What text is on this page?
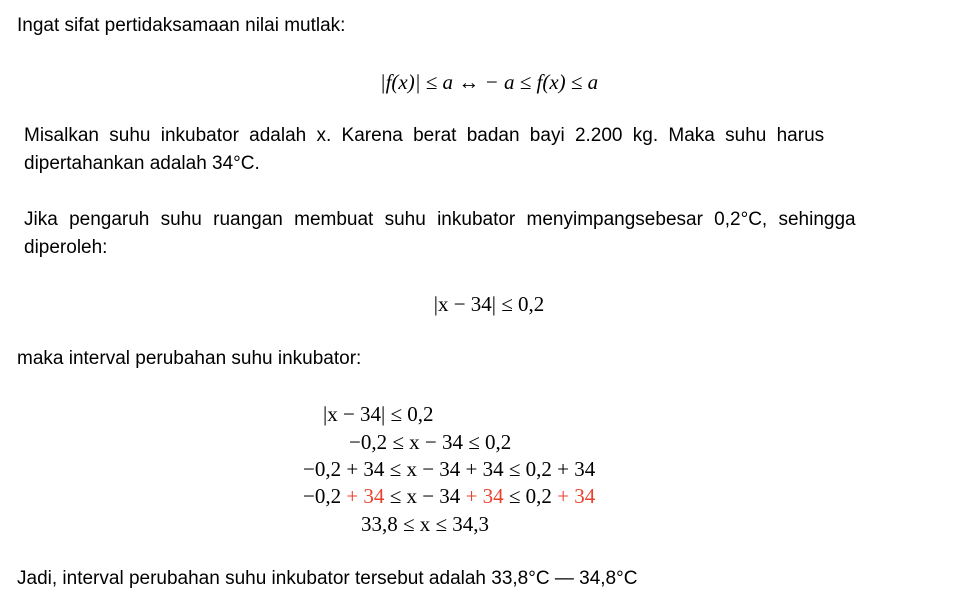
Ingat sifat pertidaksamaan nilai mutlak:
|f(x)| ≤ a ↔ − a ≤ f(x) ≤ a
Misalkan suhu inkubator adalah x. Karena berat badan bayi 2.200 kg. Maka suhu harus
dipertahankan adalah 34°C.
Jika pengaruh suhu ruangan membuat suhu inkubator menyimpangsebesar 0,2°C, sehingga
diperoleh:
|x − 34| ≤ 0,2
maka interval perubahan suhu inkubator:
|x − 34| ≤ 0,2
−0,2 ≤ x − 34 ≤ 0,2
−0,2 + 34 ≤ x − 34 + 34 ≤ 0,2 + 34
−0,2 + 34 ≤ x − 34 + 34 ≤ 0,2 + 34
33,8 ≤ x ≤ 34,3
Jadi, interval perubahan suhu inkubator tersebut adalah 33,8°C — 34,8°C
